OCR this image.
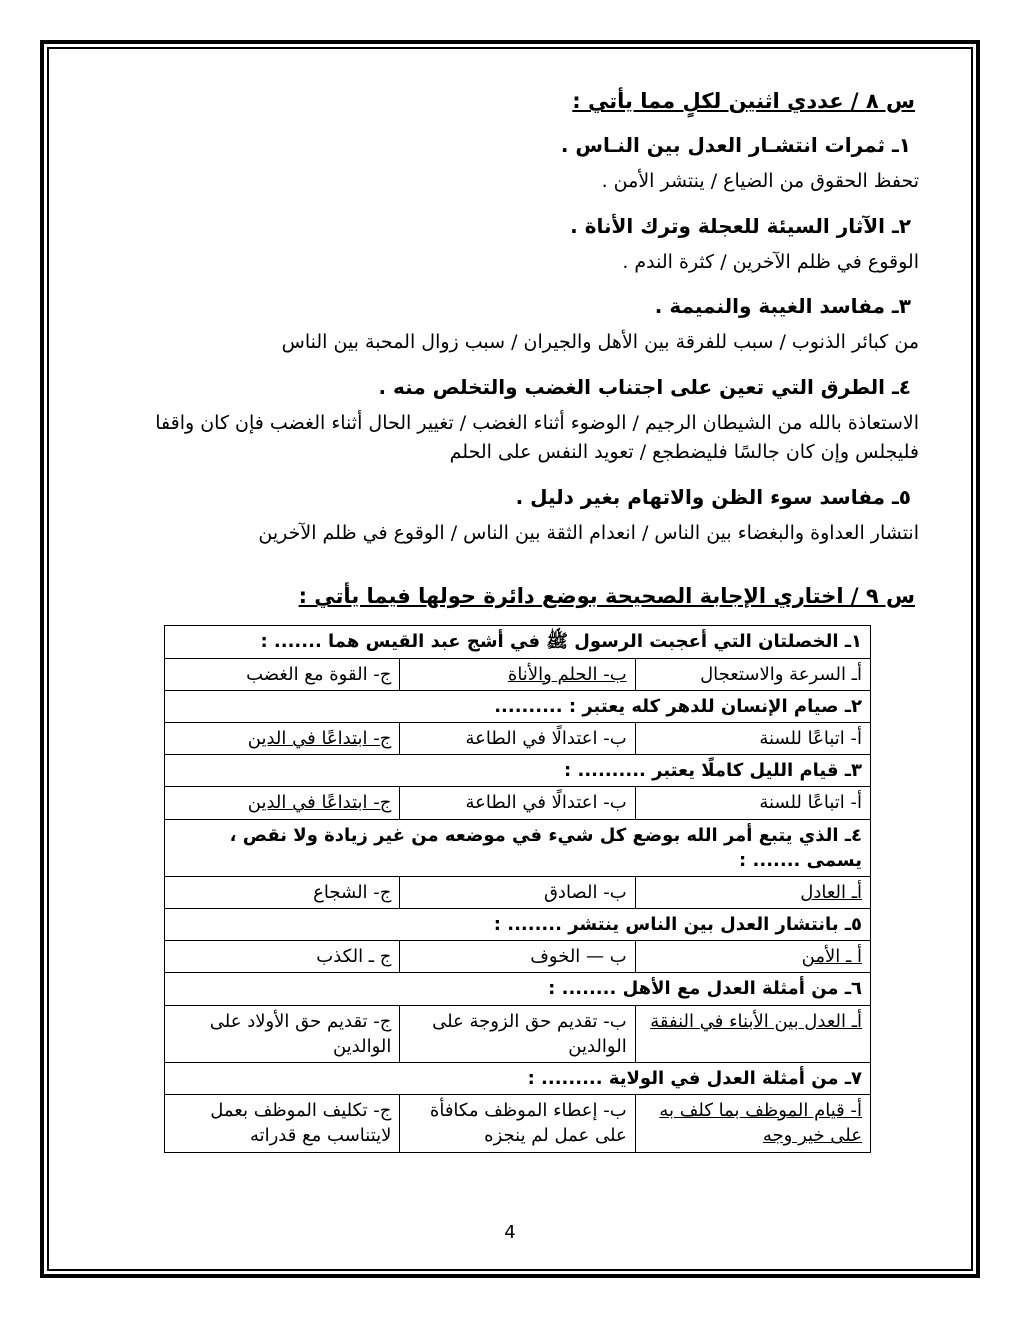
س ٨ / عددي اثنين لكلٍ مما يأتي :

١ـ ثمرات انتشـار العدل بين النـاس .

تحفظ الحقوق من الضياع / ينتشر الأمن .

٢ـ الآثار السيئة للعجلة وترك الأناة .

الوقوع في ظلم الآخرين / كثرة الندم .

٣ـ مفاسد الغيبة والنميمة .

من كبائر الذنوب / سبب للفرقة بين الأهل والجيران / سبب زوال المحبة بين الناس

٤ـ الطرق التي تعين على اجتناب الغضب والتخلص منه .

الاستعاذة بالله من الشيطان الرجيم / الوضوء أثناء الغضب / تغيير الحال أثناء الغضب فإن كان واقفا فليجلس وإن كان جالسًا فليضطجع / تعويد النفس على الحلم

٥ـ مفاسد سوء الظن والاتهام بغير دليل .

انتشار العداوة والبغضاء بين الناس / انعدام الثقة بين الناس / الوقوع في ظلم الآخرين

س ٩ / اختاري الإجابة الصحيحة بوضع دائرة حولها فيما يأتي :
١ـ الخصلتان التي أعجبت الرسول ﷺ في أشج عبد القيس هما ....... :		
أـ السرعة والاستعجال	ب- الحلم والأناة	ج- القوة مع الغضب
٢ـ صيام الإنسان للدهر كله يعتبر : ..........		
أ- اتباعًا للسنة	ب- اعتدالًا في الطاعة	ج- ابتداعًا في الدين
٣ـ قيام الليل كاملًا يعتبر .......... :		
أ- اتباعًا للسنة	ب- اعتدالًا في الطاعة	ج- ابتداعًا في الدين
٤ـ الذي يتبع أمر الله بوضع كل شيء في موضعه من غير زيادة ولا نقص ، يسمى ....... :		
أـ العادل	ب- الصادق	ج- الشجاع
٥ـ بانتشار العدل بين الناس ينتشر ........ :		
أ ـ الأمن	ب — الخوف	ج ـ الكذب
٦ـ من أمثلة العدل مع الأهل ........ :		
أـ العدل بين الأبناء في النفقة	ب- تقديم حق الزوجة على الوالدين	ج- تقديم حق الأولاد على الوالدين
٧ـ من أمثلة العدل في الولاية ......... :		
أ- قيام الموظف بما كلف به على خير وجه	ب- إعطاء الموظف مكافأة على عمل لم ينجزه	ج- تكليف الموظف بعمل لايتناسب مع قدراته
4
